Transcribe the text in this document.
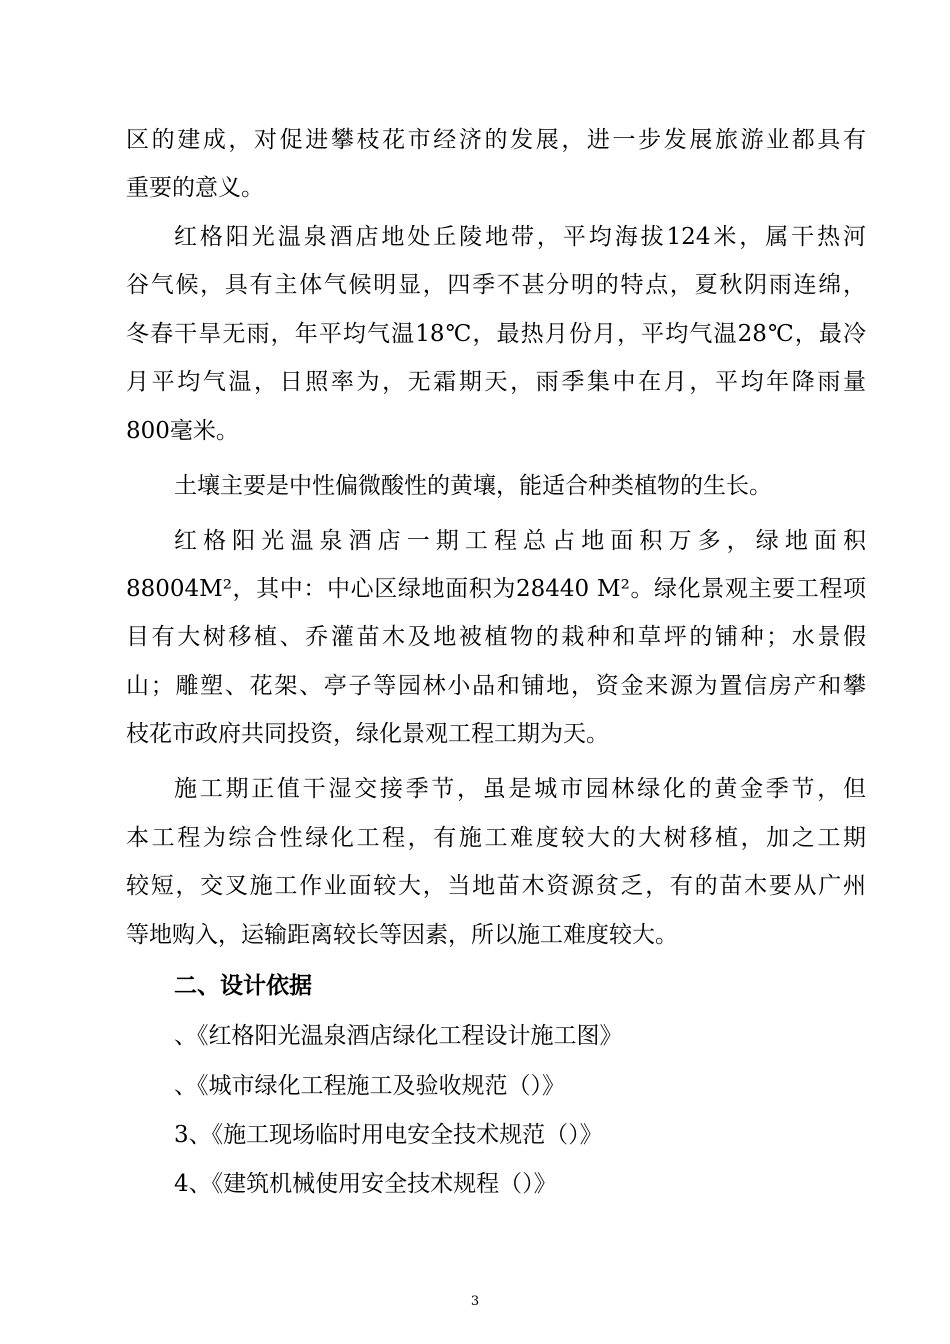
区的建成，对促进攀枝花市经济的发展，进一步发展旅游业都具有
重要的意义。
红格阳光温泉酒店地处丘陵地带，平均海拔124米，属干热河
谷气候，具有主体气候明显，四季不甚分明的特点，夏秋阴雨连绵，
冬春干旱无雨，年平均气温18℃，最热月份月，平均气温28℃，最冷
月平均气温，日照率为，无霜期天，雨季集中在月，平均年降雨量
800毫米。
土壤主要是中性偏微酸性的黄壤，能适合种类植物的生长。
红格阳光温泉酒店一期工程总占地面积万多，绿地面积
88004M²，其中：中心区绿地面积为28440 M²。绿化景观主要工程项
目有大树移植、乔灌苗木及地被植物的栽种和草坪的铺种；水景假
山；雕塑、花架、亭子等园林小品和铺地，资金来源为置信房产和攀
枝花市政府共同投资，绿化景观工程工期为天。
施工期正值干湿交接季节，虽是城市园林绿化的黄金季节，但
本工程为综合性绿化工程，有施工难度较大的大树移植，加之工期
较短，交叉施工作业面较大，当地苗木资源贫乏，有的苗木要从广州
等地购入，运输距离较长等因素，所以施工难度较大。
二、设计依据
、《红格阳光温泉酒店绿化工程设计施工图》
、《城市绿化工程施工及验收规范（）》
3、《施工现场临时用电安全技术规范（）》
4、《建筑机械使用安全技术规程（）》
3
